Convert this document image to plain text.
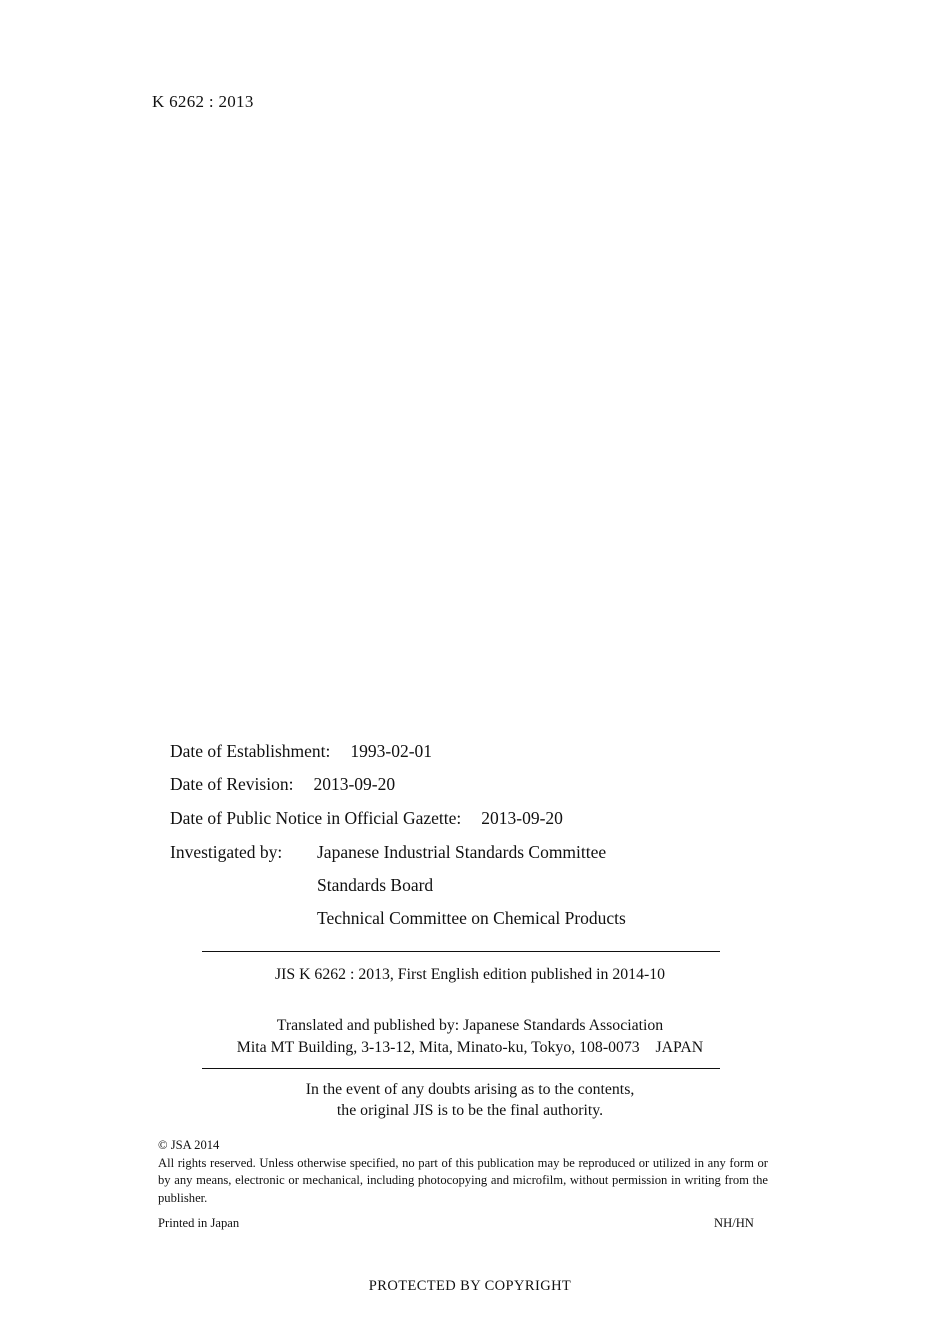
K 6262 : 2013
Date of Establishment: 1993-02-01
Date of Revision: 2013-09-20
Date of Public Notice in Official Gazette: 2013-09-20
Investigated by: Japanese Industrial Standards Committee
Standards Board
Technical Committee on Chemical Products
JIS K 6262 : 2013, First English edition published in 2014-10
Translated and published by: Japanese Standards Association
Mita MT Building, 3-13-12, Mita, Minato-ku, Tokyo, 108-0073    JAPAN
In the event of any doubts arising as to the contents,
the original JIS is to be the final authority.

© JSA 2014

All rights reserved. Unless otherwise specified, no part of this publication may be reproduced or utilized in any form or by any means, electronic or mechanical, including photocopying and microfilm, without permission in writing from the publisher.

Printed in Japan	NH/HN
PROTECTED BY COPYRIGHT
